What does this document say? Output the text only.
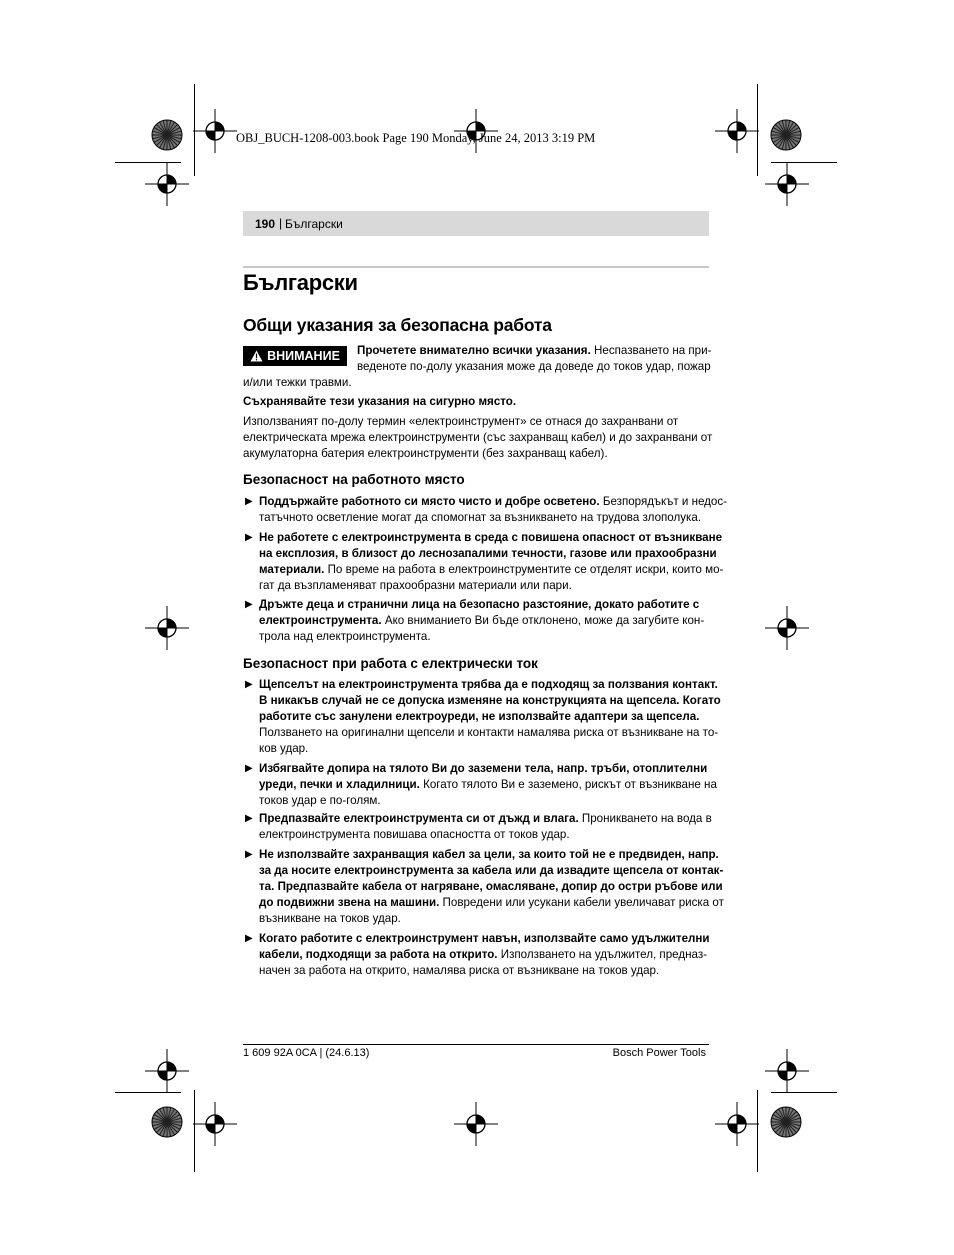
OBJ_BUCH-1208-003.book Page 190 Monday, June 24, 2013 3:19 PM
190 | Български
Български
Общи указания за безопасна работа
ВНИМАНИЕ Прочетете внимателно всички указания. Неспазването на при-
веденоте по-долу указания може да доведе до токов удар, пожар
и/или тежки травми.
Съхранявайте тези указания на сигурно място.
Използваният по-долу термин «електроинструмент» се отнася до захранвани от
електрическата мрежа електроинструменти (със захранващ кабел) и до захранвани от
акумулаторна батерия електроинструменти (без захранващ кабел).
Безопасност на работното място
▶ Поддържайте работното си място чисто и добре осветено. Безпорядъкът и недос-
татъчното осветление могат да спомогнат за възникването на трудова злополука.
▶ Не работете с електроинструмента в среда с повишена опасност от възникване
на експлозия, в близост до леснозапалими течности, газове или прахообразни
материали. По време на работа в електроинструментите се отделят искри, които мо-
гат да възпламеняват прахообразни материали или пари.
▶ Дръжте деца и странични лица на безопасно разстояние, докато работите с
електроинструмента. Ако вниманието Ви бъде отклонено, може да загубите кон-
трола над електроинструмента.
Безопасност при работа с електрически ток
▶ Щепселът на електроинструмента трябва да е подходящ за ползвания контакт.
В никакъв случай не се допуска изменяне на конструкцията на щепсела. Когато
работите със занулени електроуреди, не използвайте адаптери за щепсела.
Ползването на оригинални щепсели и контакти намалява риска от възникване на то-
ков удар.
▶ Избягвайте допира на тялото Ви до заземени тела, напр. тръби, отоплителни
уреди, печки и хладилници. Когато тялото Ви е заземено, рискът от възникване на
токов удар е по-голям.
▶ Предпазвайте електроинструмента си от дъжд и влага. Проникването на вода в
електроинструмента повишава опасността от токов удар.
▶ Не използвайте захранващия кабел за цели, за които той не е предвиден, напр.
за да носите електроинструмента за кабела или да извадите щепсела от контак-
та. Предпазвайте кабела от нагряване, омасляване, допир до остри ръбове или
до подвижни звена на машини. Повредени или усукани кабели увеличават риска от
възникване на токов удар.
▶ Когато работите с електроинструмент навън, използвайте само удължителни
кабели, подходящи за работа на открито. Използването на удължител, предназ-
начен за работа на открито, намалява риска от възникване на токов удар.
1 609 92A 0CA | (24.6.13)	Bosch Power Tools
